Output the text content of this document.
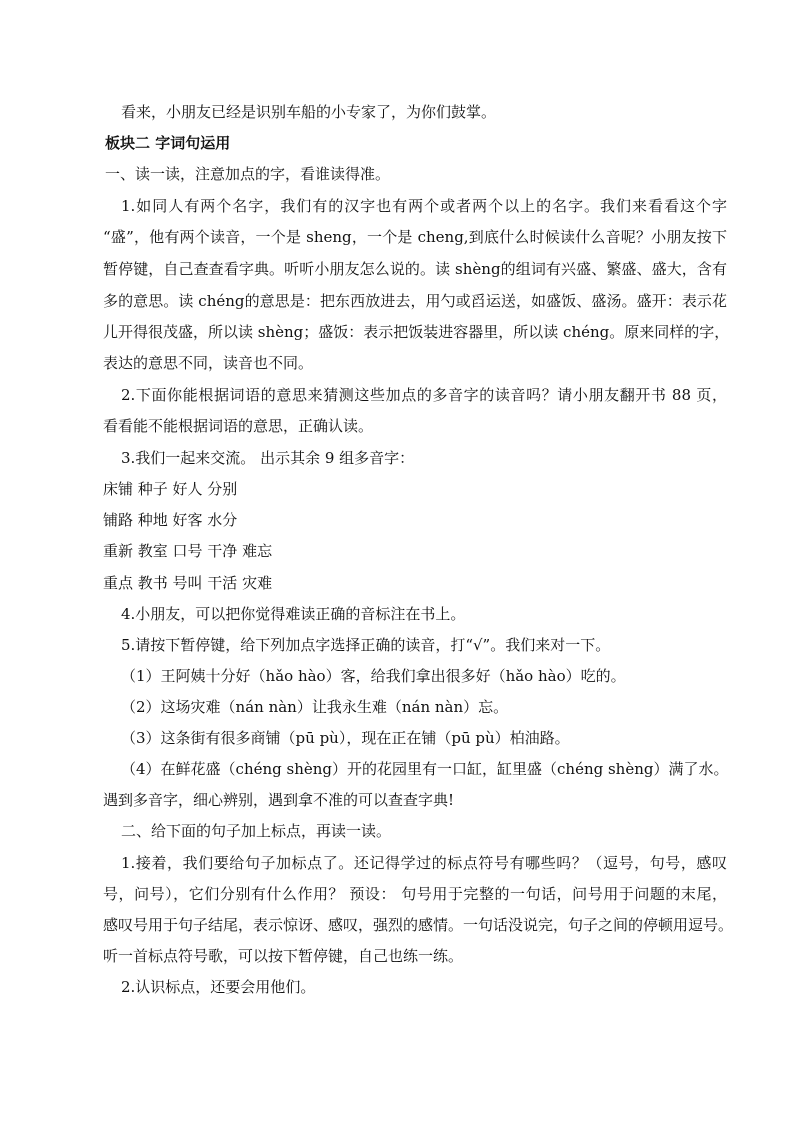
看来，小朋友已经是识别车船的小专家了，为你们鼓掌。
板块二 字词句运用
一、读一读，注意加点的字，看谁读得准。
1.如同人有两个名字，我们有的汉字也有两个或者两个以上的名字。我们来看看这个字
“盛”，他有两个读音，一个是 sheng，一个是 cheng,到底什么时候读什么音呢？小朋友按下
暂停键，自己查查看字典。听听小朋友怎么说的。读 shèng的组词有兴盛、繁盛、盛大，含有
多的意思。读 chéng的意思是：把东西放进去，用勺或舀运送，如盛饭、盛汤。盛开：表示花
儿开得很茂盛，所以读 shèng；盛饭：表示把饭装进容器里，所以读 chéng。原来同样的字，
表达的意思不同，读音也不同。
2.下面你能根据词语的意思来猜测这些加点的多音字的读音吗？请小朋友翻开书 88 页，
看看能不能根据词语的意思，正确认读。
3.我们一起来交流。 出示其余 9 组多音字：
床铺 种子 好人 分别
铺路 种地 好客 水分
重新 教室 口号 干净 难忘
重点 教书 号叫 干活 灾难
4.小朋友，可以把你觉得难读正确的音标注在书上。
5.请按下暂停键，给下列加点字选择正确的读音，打“√”。我们来对一下。
（1）王阿姨十分好（hǎo hào）客，给我们拿出很多好（hǎo hào）吃的。
（2）这场灾难（nán nàn）让我永生难（nán nàn）忘。
（3）这条街有很多商铺（pū pù），现在正在铺（pū pù）柏油路。
（4）在鲜花盛（chéng shèng）开的花园里有一口缸，缸里盛（chéng shèng）满了水。
遇到多音字，细心辨别，遇到拿不准的可以查查字典!
二、给下面的句子加上标点，再读一读。
1.接着，我们要给句子加标点了。还记得学过的标点符号有哪些吗？（逗号，句号，感叹
号，问号），它们分别有什么作用？ 预设： 句号用于完整的一句话，问号用于问题的末尾，
感叹号用于句子结尾，表示惊讶、感叹，强烈的感情。一句话没说完，句子之间的停顿用逗号。
听一首标点符号歌，可以按下暂停键，自己也练一练。
2.认识标点，还要会用他们。
